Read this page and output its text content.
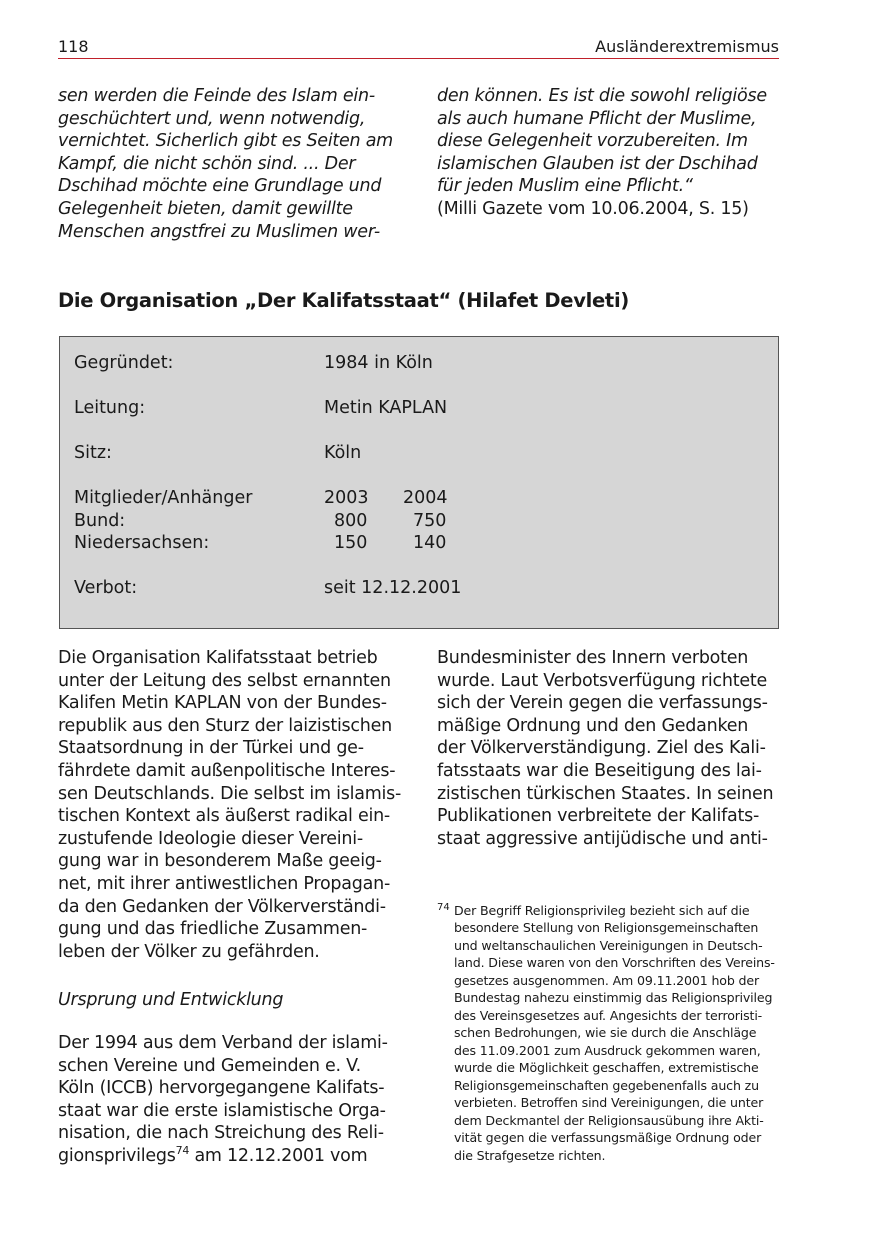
118	Ausländerextremismus
sen werden die Feinde des Islam ein-
geschüchtert und, wenn notwendig,
vernichtet. Sicherlich gibt es Seiten am
Kampf, die nicht schön sind. ... Der
Dschihad möchte eine Grundlage und
Gelegenheit bieten, damit gewillte
Menschen angstfrei zu Muslimen wer-
den können. Es ist die sowohl religiöse
als auch humane Pflicht der Muslime,
diese Gelegenheit vorzubereiten. Im
islamischen Glauben ist der Dschihad
für jeden Muslim eine Pflicht.“
(Milli Gazete vom 10.06.2004, S. 15)
Die Organisation „Der Kalifatsstaat“ (Hilafet Devleti)
Gegründet:	1984 in Köln
Leitung:	Metin KAPLAN
Sitz:	Köln
Mitglieder/Anhänger	2003 2004
Bund:	800	750
Niedersachsen:	150	140
Verbot:	seit 12.12.2001
Die Organisation Kalifatsstaat betrieb
unter der Leitung des selbst ernannten
Kalifen Metin KAPLAN von der Bundes-
republik aus den Sturz der laizistischen
Staatsordnung in der Türkei und ge-
fährdete damit außenpolitische Interes-
sen Deutschlands. Die selbst im islamis-
tischen Kontext als äußerst radikal ein-
zustufende Ideologie dieser Vereini-
gung war in besonderem Maße geeig-
net, mit ihrer antiwestlichen Propagan-
da den Gedanken der Völkerverständi-
gung und das friedliche Zusammen-
leben der Völker zu gefährden.
Ursprung und Entwicklung
Der 1994 aus dem Verband der islami-
schen Vereine und Gemeinden e. V.
Köln (ICCB) hervorgegangene Kalifats-
staat war die erste islamistische Orga-
nisation, die nach Streichung des Reli-
gionsprivilegs$^{74}$ am 12.12.2001 vom
Bundesminister des Innern verboten
wurde. Laut Verbotsverfügung richtete
sich der Verein gegen die verfassungs-
mäßige Ordnung und den Gedanken
der Völkerverständigung. Ziel des Kali-
fatsstaats war die Beseitigung des lai-
zistischen türkischen Staates. In seinen
Publikationen verbreitete der Kalifats-
staat aggressive antijüdische und anti-
74 Der Begriff Religionsprivileg bezieht sich auf die
besondere Stellung von Religionsgemeinschaften
und weltanschaulichen Vereinigungen in Deutsch-
land. Diese waren von den Vorschriften des Vereins-
gesetzes ausgenommen. Am 09.11.2001 hob der
Bundestag nahezu einstimmig das Religionsprivileg
des Vereinsgesetzes auf. Angesichts der terroristi-
schen Bedrohungen, wie sie durch die Anschläge
des 11.09.2001 zum Ausdruck gekommen waren,
wurde die Möglichkeit geschaffen, extremistische
Religionsgemeinschaften gegebenenfalls auch zu
verbieten. Betroffen sind Vereinigungen, die unter
dem Deckmantel der Religionsausübung ihre Akti-
vität gegen die verfassungsmäßige Ordnung oder
die Strafgesetze richten.
